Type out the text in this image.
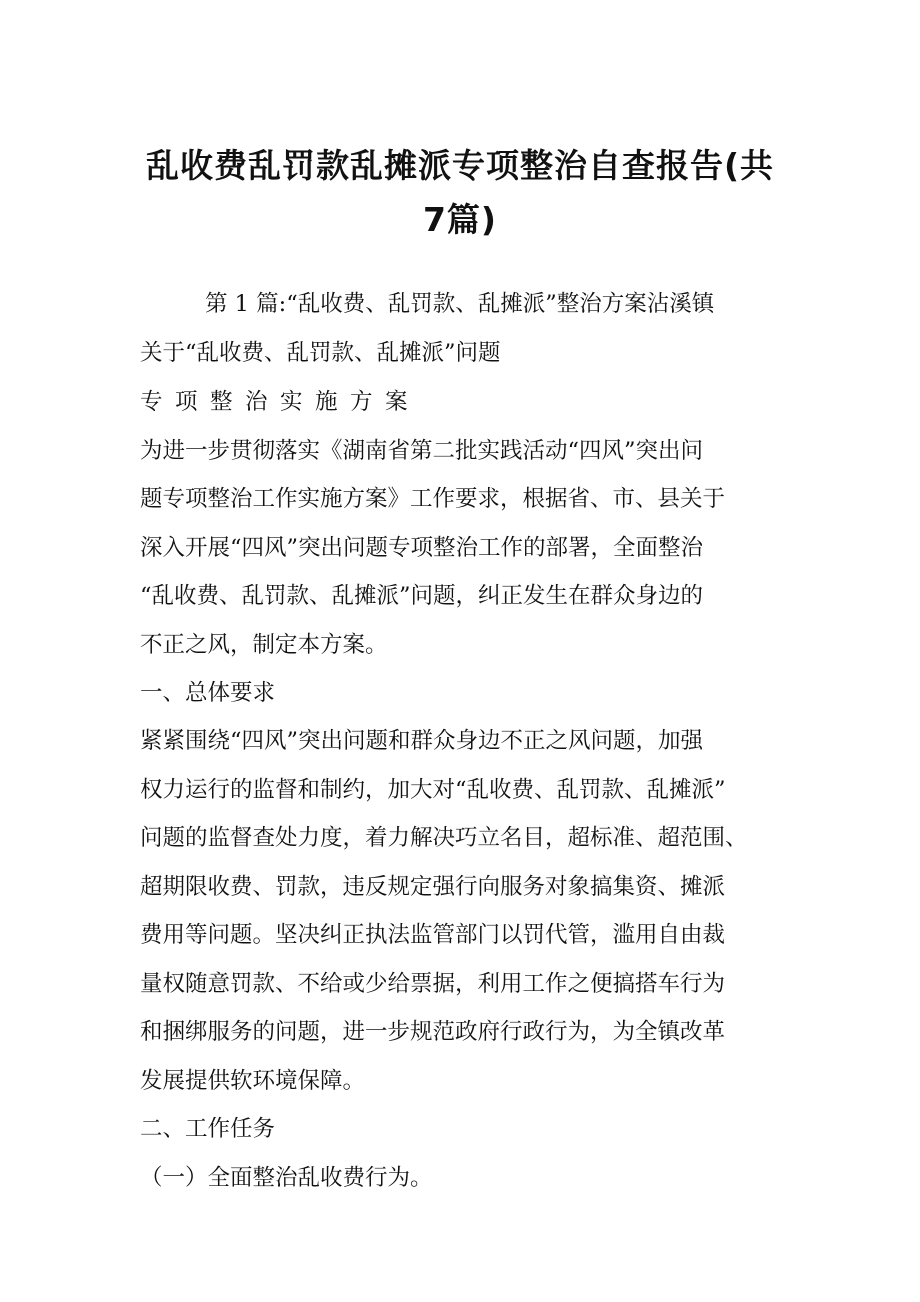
乱收费乱罚款乱摊派专项整治自查报告(共
7篇)

第 1 篇:“乱收费、乱罚款、乱摊派”整治方案沾溪镇

关于“乱收费、乱罚款、乱摊派”问题

专项整治实施方案

为进一步贯彻落实《湖南省第二批实践活动“四风”突出问

题专项整治工作实施方案》工作要求，根据省、市、县关于

深入开展“四风”突出问题专项整治工作的部署，全面整治

“乱收费、乱罚款、乱摊派”问题，纠正发生在群众身边的

不正之风，制定本方案。

一、总体要求

紧紧围绕“四风”突出问题和群众身边不正之风问题，加强

权力运行的监督和制约，加大对“乱收费、乱罚款、乱摊派”

问题的监督查处力度，着力解决巧立名目，超标准、超范围、

超期限收费、罚款，违反规定强行向服务对象搞集资、摊派

费用等问题。坚决纠正执法监管部门以罚代管，滥用自由裁

量权随意罚款、不给或少给票据，利用工作之便搞搭车行为

和捆绑服务的问题，进一步规范政府行政行为，为全镇改革

发展提供软环境保障。

二、工作任务

（一）全面整治乱收费行为。
